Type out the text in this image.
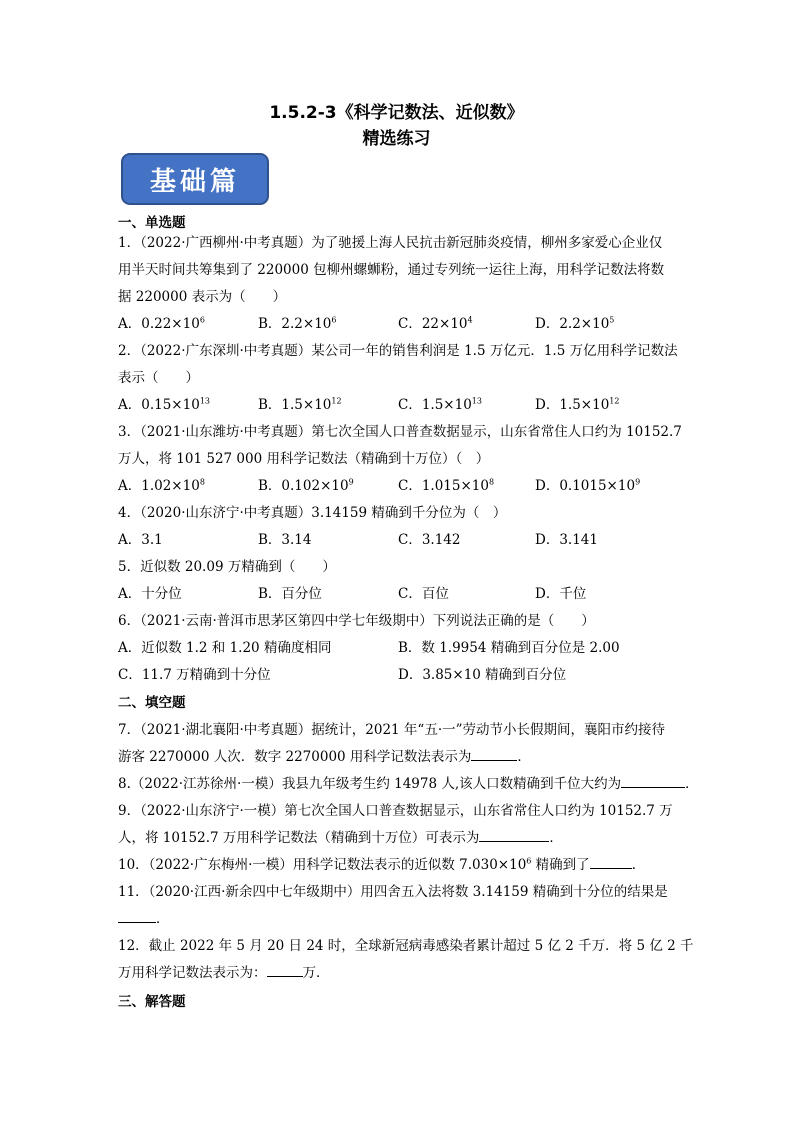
1.5.2-3《科学记数法、近似数》
精选练习
基础篇
一、单选题
1．（2022·广西柳州·中考真题）为了驰援上海人民抗击新冠肺炎疫情，柳州多家爱心企业仅
用半天时间共筹集到了 220000 包柳州螺蛳粉，通过专列统一运往上海，用科学记数法将数
据 220000 表示为（　　）
A．$0.22\times 10^6$	B．$2.2\times 10^6$	C．$22\times 10^4$	D．$2.2\times 10^5$
2．（2022·广东深圳·中考真题）某公司一年的销售利润是 1.5 万亿元．1.5 万亿用科学记数法
表示（　　）
A．$0.15\times 10^{13}$	B．$1.5\times 10^{12}$	C．$1.5\times 10^{13}$	D．$1.5\times 10^{12}$
3．（2021·山东潍坊·中考真题）第七次全国人口普查数据显示，山东省常住人口约为 10152.7
万人，将 101 527 000 用科学记数法（精确到十万位）（　）
A．$1.02\times 10^8$	B．$0.102\times 10^9$	C．$1.015\times 10^8$	D．$0.1015\times 10^9$
4．（2020·山东济宁·中考真题）3.14159 精确到千分位为（　）
A．3.1	B．3.14	C．3.142	D．3.141
5．近似数 20.09 万精确到（　　）
A．十分位	B．百分位	C．百位	D．千位
6．（2021·云南·普洱市思茅区第四中学七年级期中）下列说法正确的是（　　）
A．近似数 1.2 和 1.20 精确度相同	B．数 1.9954 精确到百分位是 2.00
C．11.7 万精确到十分位	D．3.85×10 精确到百分位
二、填空题
7．（2021·湖北襄阳·中考真题）据统计，2021 年“五·一”劳动节小长假期间，襄阳市约接待
游客 2270000 人次．数字 2270000 用科学记数法表示为	．
8.（2022·江苏徐州·一模）我县九年级考生约 14978 人,该人口数精确到千位大约为	．
9．（2022·山东济宁·一模）第七次全国人口普查数据显示，山东省常住人口约为 10152.7 万
人，将 10152.7 万用科学记数法（精确到十万位）可表示为	．
10．（2022·广东梅州·一模）用科学记数法表示的近似数 $7.030\times 10^6$ 精确到了	．
11．（2020·江西·新余四中七年级期中）用四舍五入法将数 3.14159 精确到十分位的结果是
．
12．截止 2022 年 5 月 20 日 24 时，全球新冠病毒感染者累计超过 5 亿 2 千万．将 5 亿 2 千
万用科学记数法表示为：	万．
三、解答题
